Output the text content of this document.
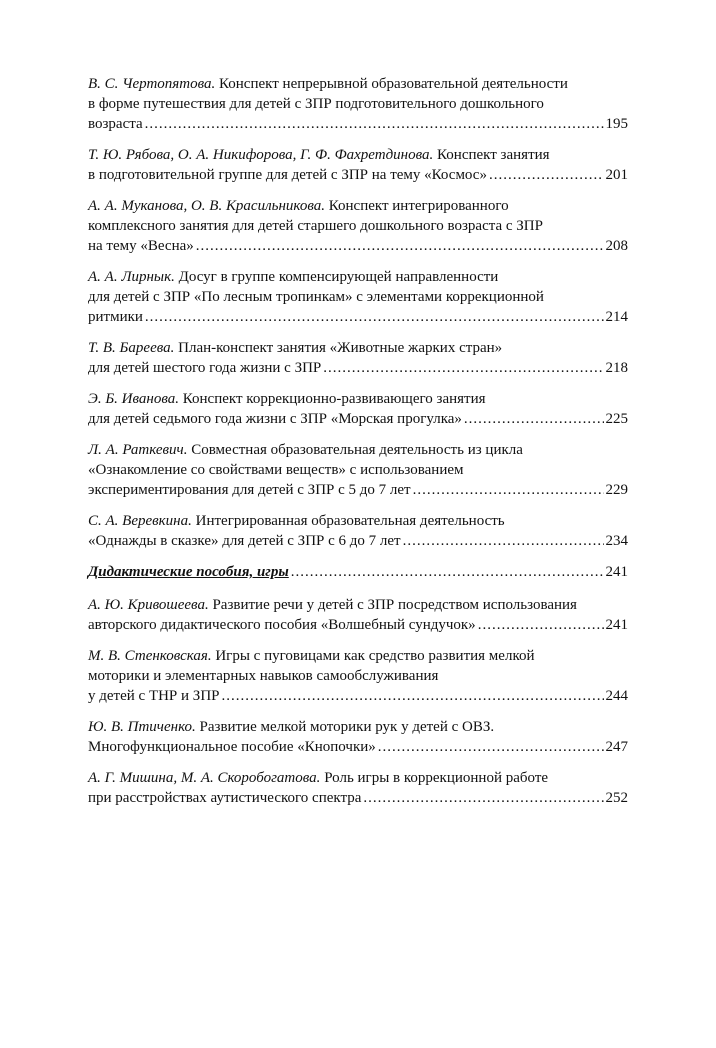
В. С. Чертопятова. Конспект непрерывной образовательной деятельности
в форме путешествия для детей с ЗПР подготовительного дошкольного
возраста .....	195
Т. Ю. Рябова, О. А. Никифорова, Г. Ф. Фахретдинова. Конспект занятия
в подготовительной группе для детей с ЗПР на тему «Космос» .....	201
А. А. Муканова, О. В. Красильникова. Конспект интегрированного
комплексного занятия для детей старшего дошкольного возраста с ЗПР
на тему «Весна» .....	208
А. А. Лирнык. Досуг в группе компенсирующей направленности
для детей с ЗПР «По лесным тропинкам» с элементами коррекционной
ритмики .....	214
Т. В. Бареева. План-конспект занятия «Животные жарких стран»
для детей шестого года жизни с ЗПР .....	218
Э. Б. Иванова. Конспект коррекционно-развивающего занятия
для детей седьмого года жизни с ЗПР «Морская прогулка» .....	225
Л. А. Раткевич. Совместная образовательная деятельность из цикла
«Ознакомление со свойствами веществ» с использованием
экспериментирования для детей с ЗПР с 5 до 7 лет .....	229
С. А. Веревкина. Интегрированная образовательная деятельность
«Однажды в сказке» для детей с ЗПР с 6 до 7 лет .....	234
Дидактические пособия, игры .....	241
А. Ю. Кривошеева. Развитие речи у детей с ЗПР посредством использования
авторского дидактического пособия «Волшебный сундучок» .....	241
М. В. Стенковская. Игры с пуговицами как средство развития мелкой
моторики и элементарных навыков самообслуживания
у детей с ТНР и ЗПР .....	244
Ю. В. Птиченко. Развитие мелкой моторики рук у детей с ОВЗ.
Многофункциональное пособие «Кнопочки» .....	247
А. Г. Мишина, М. А. Скоробогатова. Роль игры в коррекционной работе
при расстройствах аутистического спектра .....	252
